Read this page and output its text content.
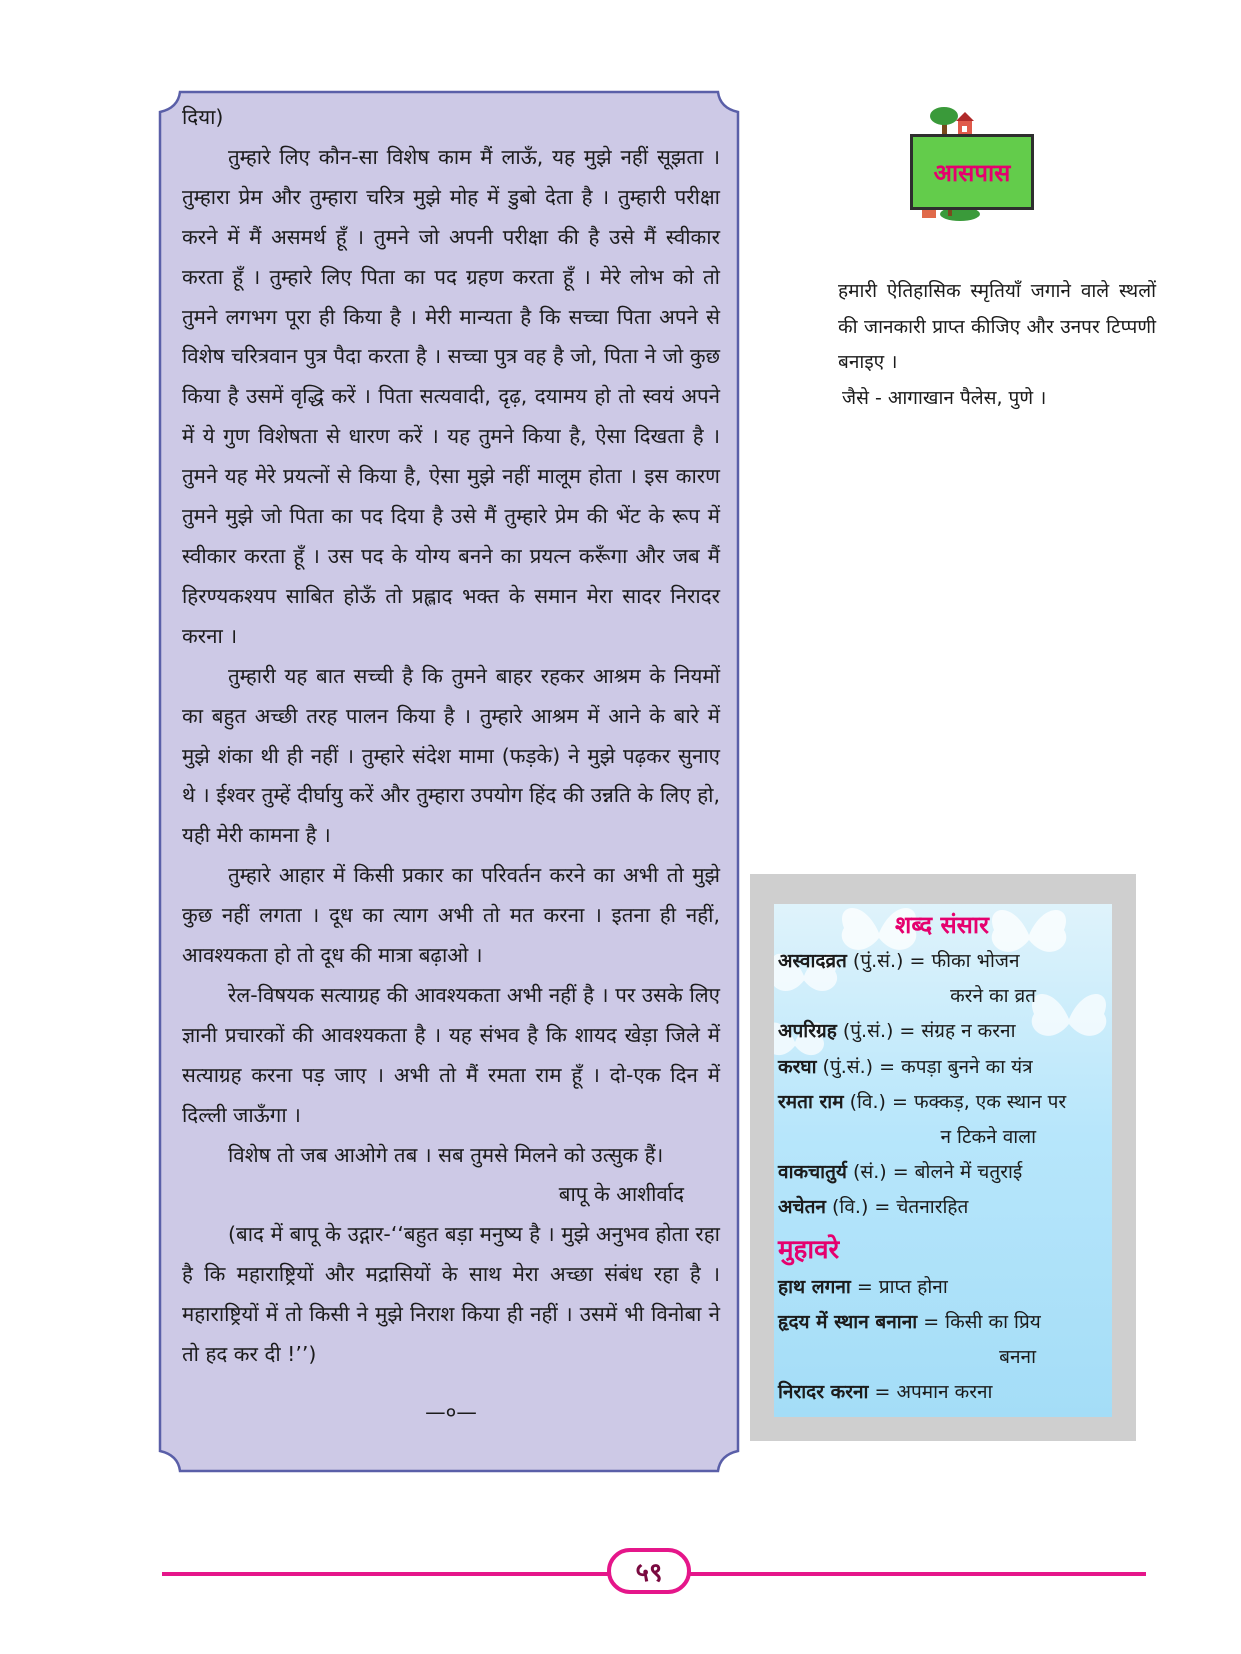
दिया)

तुम्हारे लिए कौन-सा विशेष काम मैं लाऊँ, यह मुझे नहीं सूझता । तुम्हारा प्रेम और तुम्हारा चरित्र मुझे मोह में डुबो देता है । तुम्हारी परीक्षा करने में मैं असमर्थ हूँ । तुमने जो अपनी परीक्षा की है उसे मैं स्वीकार करता हूँ । तुम्हारे लिए पिता का पद ग्रहण करता हूँ । मेरे लोभ को तो तुमने लगभग पूरा ही किया है । मेरी मान्यता है कि सच्चा पिता अपने से विशेष चरित्रवान पुत्र पैदा करता है । सच्चा पुत्र वह है जो, पिता ने जो कुछ किया है उसमें वृद्धि करें । पिता सत्यवादी, दृढ़, दयामय हो तो स्वयं अपने में ये गुण विशेषता से धारण करें । यह तुमने किया है, ऐसा दिखता है । तुमने यह मेरे प्रयत्नों से किया है, ऐसा मुझे नहीं मालूम होता । इस कारण तुमने मुझे जो पिता का पद दिया है उसे मैं तुम्हारे प्रेम की भेंट के रूप में स्वीकार करता हूँ । उस पद के योग्य बनने का प्रयत्न करूँगा और जब मैं हिरण्यकश्यप साबित होऊँ तो प्रह्लाद भक्त के समान मेरा सादर निरादर करना ।

तुम्हारी यह बात सच्ची है कि तुमने बाहर रहकर आश्रम के नियमों का बहुत अच्छी तरह पालन किया है । तुम्हारे आश्रम में आने के बारे में मुझे शंका थी ही नहीं । तुम्हारे संदेश मामा (फड़के) ने मुझे पढ़कर सुनाए थे । ईश्वर तुम्हें दीर्घायु करें और तुम्हारा उपयोग हिंद की उन्नति के लिए हो, यही मेरी कामना है ।

तुम्हारे आहार में किसी प्रकार का परिवर्तन करने का अभी तो मुझे कुछ नहीं लगता । दूध का त्याग अभी तो मत करना । इतना ही नहीं, आवश्यकता हो तो दूध की मात्रा बढ़ाओ ।

रेल-विषयक सत्याग्रह की आवश्यकता अभी नहीं है । पर उसके लिए ज्ञानी प्रचारकों की आवश्यकता है । यह संभव है कि शायद खेड़ा जिले में सत्याग्रह करना पड़ जाए । अभी तो मैं रमता राम हूँ । दो-एक दिन में दिल्ली जाऊँगा ।

विशेष तो जब आओगे तब । सब तुमसे मिलने को उत्सुक हैं।

बापू के आशीर्वाद

(बाद में बापू के उद्गार-‘‘बहुत बड़ा मनुष्य है । मुझे अनुभव होता रहा है कि महाराष्ट्रियों और मद्रासियों के साथ मेरा अच्छा संबंध रहा है । महाराष्ट्रियों में तो किसी ने मुझे निराश किया ही नहीं । उसमें भी विनोबा ने तो हद कर दी !’’)

—०—

आसपास

हमारी ऐतिहासिक स्मृतियाँ जगाने वाले स्थलों की जानकारी प्राप्त कीजिए और उनपर टिप्पणी बनाइए ।

जैसे - आगाखान पैलेस, पुणे ।

शब्द संसार

अस्वादव्रत (पुं.सं.) = फीका भोजन
करने का व्रत

अपरिग्रह (पुं.सं.) = संग्रह न करना

करघा (पुं.सं.) = कपड़ा बुनने का यंत्र

रमता राम (वि.) = फक्कड़, एक स्थान पर
न टिकने वाला

वाकचातुर्य (सं.) = बोलने में चतुराई

अचेतन (वि.) = चेतनारहित

मुहावरे

हाथ लगना = प्राप्त होना

हृदय में स्थान बनाना = किसी का प्रिय
बनना

निरादर करना = अपमान करना

५९
